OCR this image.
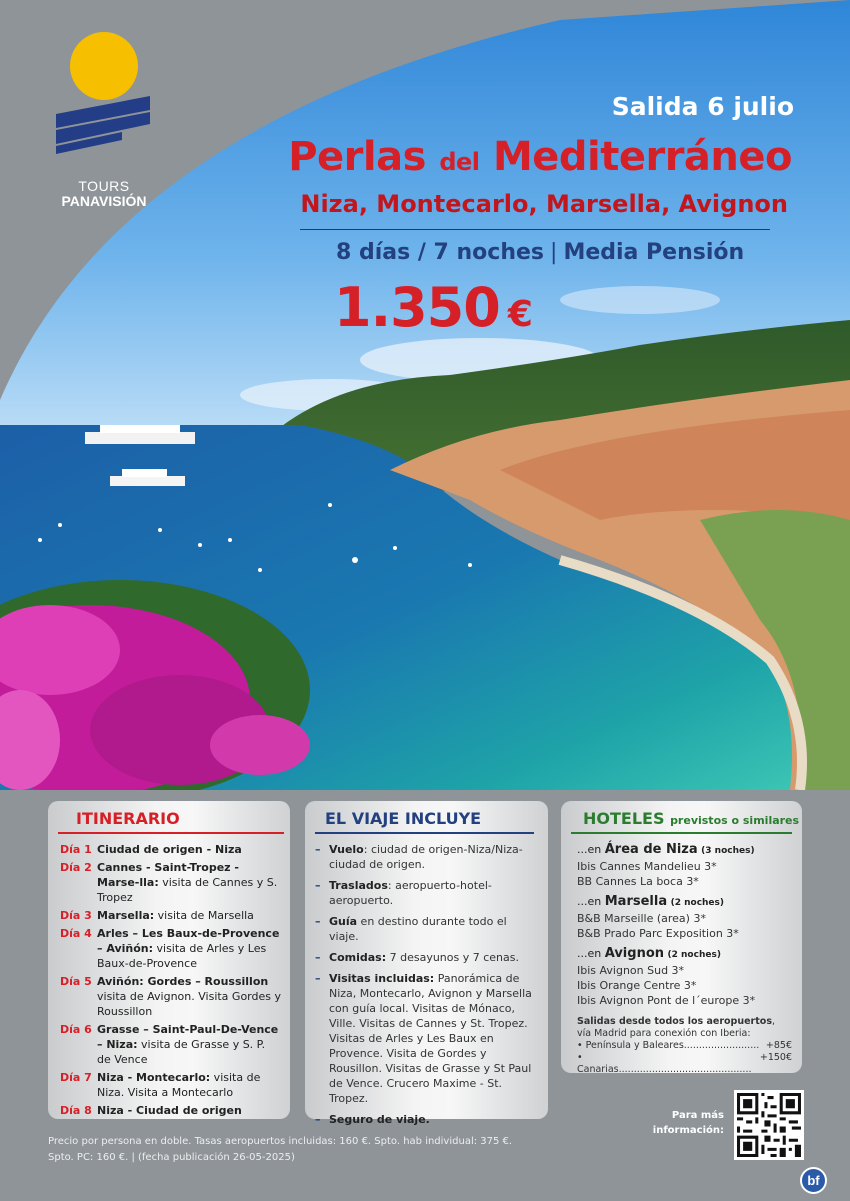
TOURS
PANAVISIÓN
Salida 6 julio
Perlas del Mediterráneo
Niza, Montecarlo, Marsella, Avignon
8 días / 7 noches | Media Pensión
1.350 €
ITINERARIO
Día 1 Ciudad de origen - Niza
Día 2 Cannes - Saint-Tropez - Marse-lla: visita de Cannes y S. Tropez
Día 3 Marsella: visita de Marsella
Día 4 Arles – Les Baux-de-Provence – Aviñón: visita de Arles y Les Baux-de-Provence
Día 5 Aviñón: Gordes – Roussillon visita de Avignon. Visita Gordes y Roussillon
Día 6 Grasse – Saint-Paul-De-Vence – Niza: visita de Grasse y S. P. de Vence
Día 7 Niza - Montecarlo: visita de Niza. Visita a Montecarlo
Día 8 Niza - Ciudad de origen
EL VIAJE INCLUYE
– Vuelo: ciudad de origen-Niza/Niza-ciudad de origen.
– Traslados: aeropuerto-hotel-aeropuerto.
– Guía en destino durante todo el viaje.
– Comidas: 7 desayunos y 7 cenas.
– Visitas incluidas: Panorámica de Niza, Montecarlo, Avignon y Marsella con guía local. Visitas de Mónaco, Ville. Visitas de Cannes y St. Tropez. Visitas de Arles y Les Baux en Provence. Visita de Gordes y Rousillon. Visitas de Grasse y St Paul de Vence. Crucero Maxime - St. Tropez.
– Seguro de viaje.
HOTELES previstos o similares
...en Área de Niza (3 noches)
Ibis Cannes Mandelieu 3*
BB Cannes La boca 3*
...en Marsella (2 noches)
B&B Marseille (area) 3*
B&B Prado Parc Exposition 3*
...en Avignon (2 noches)
Ibis Avignon Sud 3*
Ibis Orange Centre 3*
Ibis Avignon Pont de l´europe 3*
Salidas desde todos los aeropuertos, vía Madrid para conexión con Iberia:
• Península y Baleares......................... +85€
• Canarias............................................
+150€
Precio por persona en doble. Tasas aeropuertos incluidas: 160 €. Spto. hab individual: 375 €.
Spto. PC: 160 €. | (fecha publicación 26-05-2025)
Para más
información:
bf
